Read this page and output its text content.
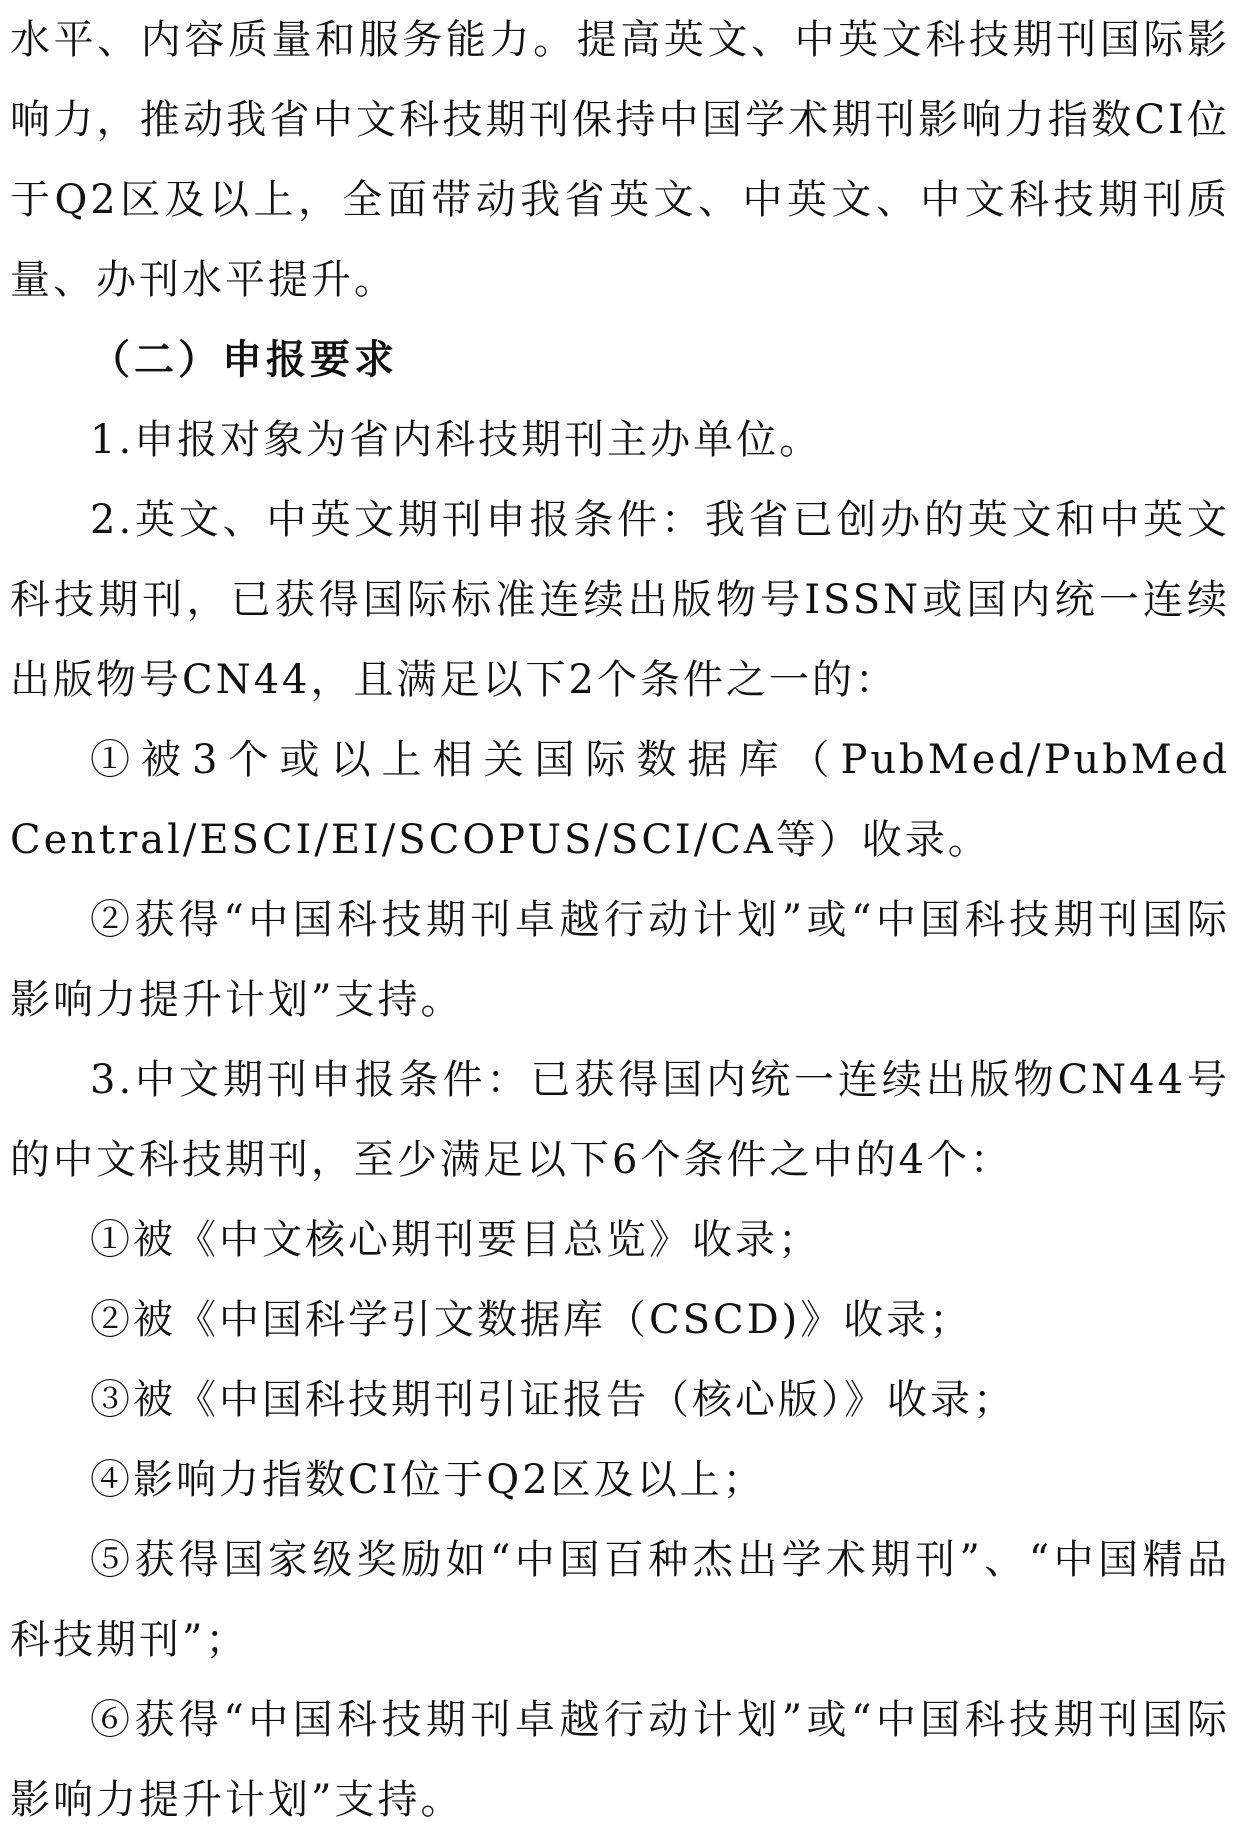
水平、内容质量和服务能力。提高英文、中英文科技期刊国际影响力，推动我省中文科技期刊保持中国学术期刊影响力指数CI位于Q2区及以上，全面带动我省英文、中英文、中文科技期刊质量、办刊水平提升。

（二）申报要求

1.申报对象为省内科技期刊主办单位。

2.英文、中英文期刊申报条件：我省已创办的英文和中英文科技期刊，已获得国际标准连续出版物号ISSN或国内统一连续出版物号CN44，且满足以下2个条件之一的：

①被3个或以上相关国际数据库（PubMed/PubMed Central/ESCI/EI/SCOPUS/SCI/CA等）收录。

②获得“中国科技期刊卓越行动计划”或“中国科技期刊国际影响力提升计划”支持。

3.中文期刊申报条件：已获得国内统一连续出版物CN44号的中文科技期刊，至少满足以下6个条件之中的4个：

①被《中文核心期刊要目总览》收录；

②被《中国科学引文数据库（CSCD)》收录；

③被《中国科技期刊引证报告（核心版）》收录；

④影响力指数CI位于Q2区及以上；

⑤获得国家级奖励如“中国百种杰出学术期刊”、“中国精品科技期刊”；

⑥获得“中国科技期刊卓越行动计划”或“中国科技期刊国际影响力提升计划”支持。
